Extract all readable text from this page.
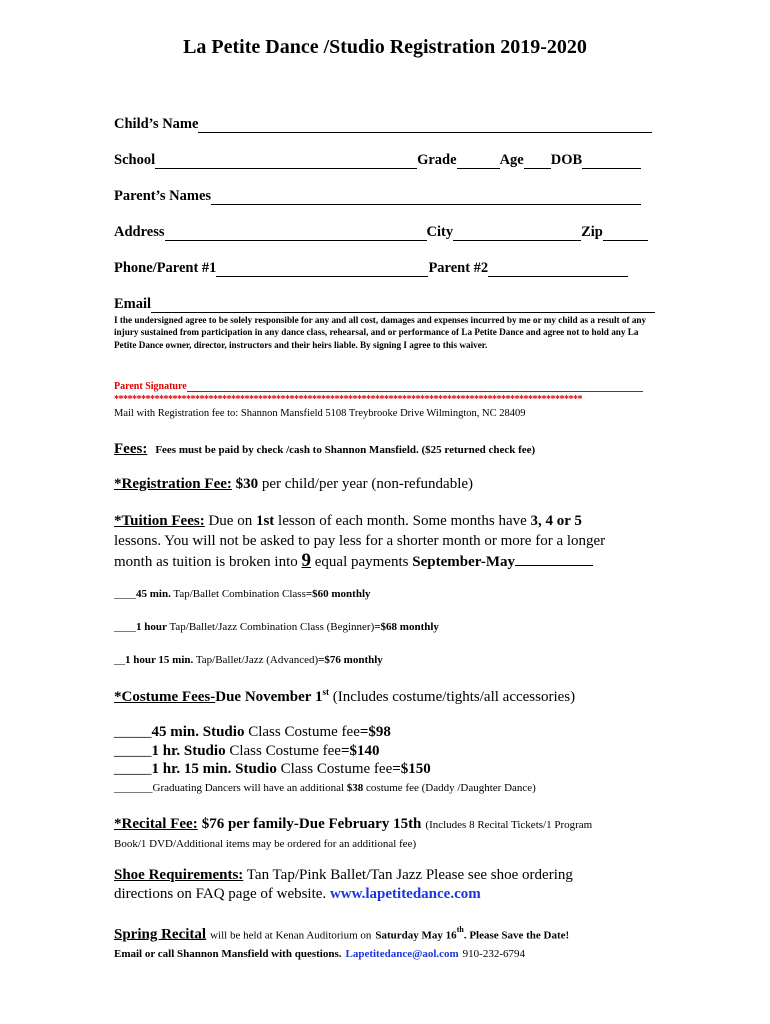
La Petite Dance /Studio Registration 2019-2020
Child’s Name
School	Grade	Age DOB
Parent’s Names
Address	City	Zip
Phone/Parent #1	Parent #2
Email
I the undersigned agree to be solely responsible for any and all cost, damages and expenses incurred by me or my child as a result of any injury sustained from participation in any dance class, rehearsal, and or performance of La Petite Dance and agree not to hold any La Petite Dance owner, director, instructors and their heirs liable. By signing I agree to this waiver.
Parent Signature
********************************************************************************************************
Mail with Registration fee to: Shannon Mansfield 5108 Treybrooke Drive Wilmington, NC 28409
Fees: Fees must be paid by check /cash to Shannon Mansfield. ($25 returned check fee)
*Registration Fee: $30 per child/per year (non-refundable)
*Tuition Fees: Due on 1st lesson of each month. Some months have 3, 4 or 5
lessons. You will not be asked to pay less for a shorter month or more for a longer
month as tuition is broken into 9 equal payments September-May
____45 min. Tap/Ballet Combination Class=$60 monthly
____1 hour Tap/Ballet/Jazz Combination Class (Beginner)=$68 monthly
__1 hour 15 min. Tap/Ballet/Jazz (Advanced)=$76 monthly
*Costume Fees-Due November 1st (Includes costume/tights/all accessories)
_____45 min. Studio Class Costume fee=$98
_____1 hr. Studio Class Costume fee=$140
_____1 hr. 15 min. Studio Class Costume fee=$150
_______Graduating Dancers will have an additional $38 costume fee (Daddy /Daughter Dance)
*Recital Fee: $76 per family-Due February 15th (Includes 8 Recital Tickets/1 Program
Book/1 DVD/Additional items may be ordered for an additional fee)
Shoe Requirements: Tan Tap/Pink Ballet/Tan Jazz Please see shoe ordering
directions on FAQ page of website. www.lapetitedance.com
Spring Recital will be held at Kenan Auditorium on Saturday May 16th. Please Save the Date!
Email or call Shannon Mansfield with questions. Lapetitedance@aol.com 910-232-6794
